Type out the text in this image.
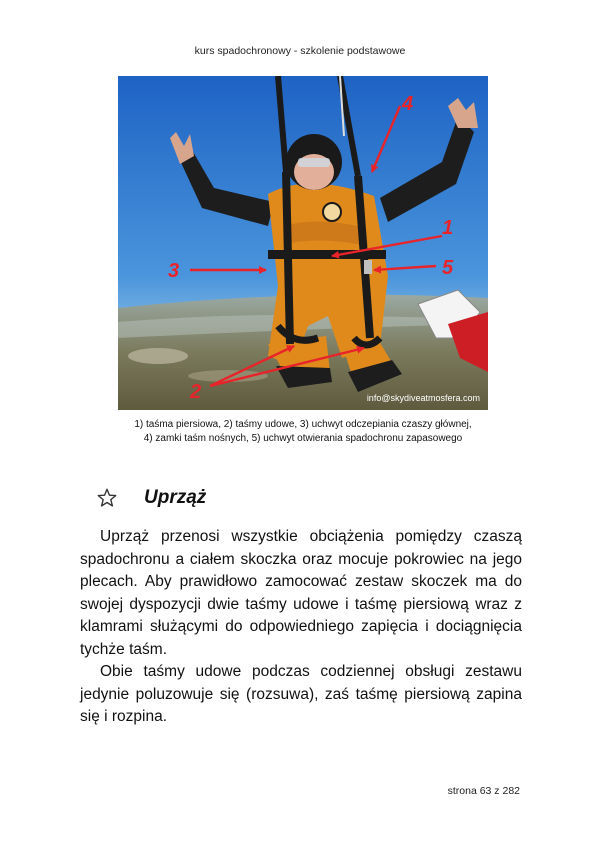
kurs spadochronowy - szkolenie podstawowe
4
1
3	5
2	info@skydiveatmosfera.com
1) taśma piersiowa, 2) taśmy udowe, 3) uchwyt odczepiania czaszy głównej, 4) zamki taśm nośnych, 5) uchwyt otwierania spadochronu zapasowego
Uprząż

Uprząż przenosi wszystkie obciążenia pomiędzy czaszą spadochronu a ciałem skoczka oraz mocuje pokrowiec na jego plecach. Aby prawidłowo zamocować zestaw skoczek ma do swojej dyspozycji dwie taśmy udowe i taśmę piersiową wraz z klamrami służącymi do odpowiedniego zapięcia i dociągnięcia tychże taśm.

Obie taśmy udowe podczas codziennej obsługi zestawu jedynie poluzowuje się (rozsuwa), zaś taśmę piersiową zapina się i rozpina.

strona 63 z 282
